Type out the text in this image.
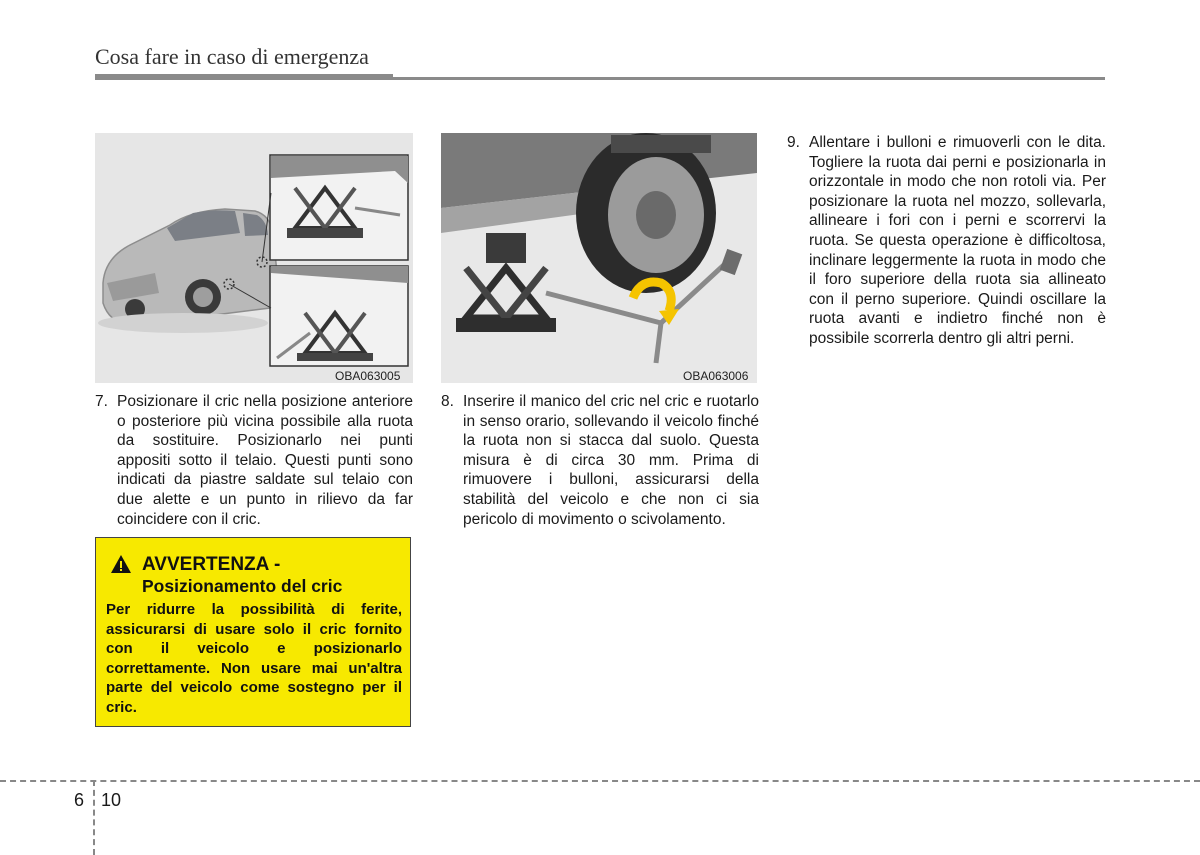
Cosa fare in caso di emergenza
OBA063005	OBA063006
7. Posizionare il cric nella posizione anteriore o posteriore più vicina possibile alla ruota da sostituire. Posizionarlo nei punti appositi sotto il telaio. Questi punti sono indicati da piastre saldate sul telaio con due alette e un punto in rilievo da far coincidere con il cric.
8. Inserire il manico del cric nel cric e ruotarlo in senso orario, sollevando il veicolo finché la ruota non si stacca dal suolo. Questa misura è di circa 30 mm. Prima di rimuovere i bulloni, assicurarsi della stabilità del veicolo e che non ci sia pericolo di movimento o scivolamento.
9. Allentare i bulloni e rimuoverli con le dita. Togliere la ruota dai perni e posizionarla in orizzontale in modo che non rotoli via. Per posizionare la ruota nel mozzo, sollevarla, allineare i fori con i perni e scorrervi la ruota. Se questa operazione è difficoltosa, inclinare leggermente la ruota in modo che il foro superiore della ruota sia allineato con il perno superiore. Quindi oscillare la ruota avanti e indietro finché non è possibile scorrerla dentro gli altri perni.
AVVERTENZA -
Posizionamento del cric
Per ridurre la possibilità di ferite, assicurarsi di usare solo il cric fornito con il veicolo e posizionarlo correttamente. Non usare mai un'altra parte del veicolo come sostegno per il cric.
6 10
